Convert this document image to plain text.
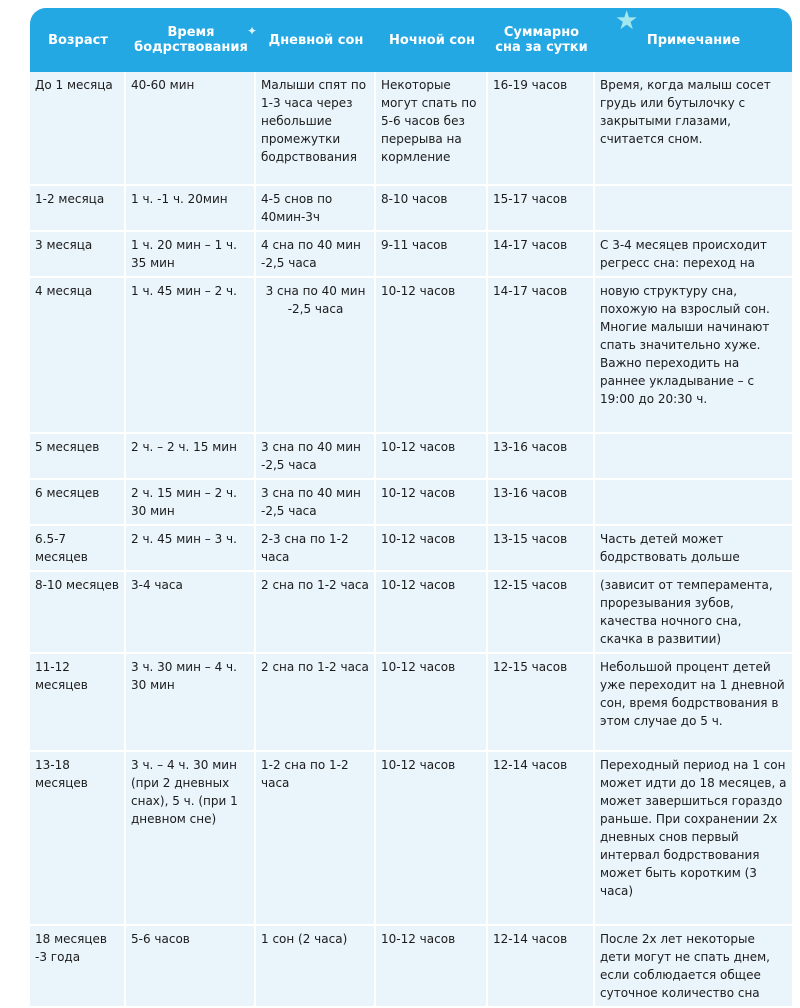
Возраст	Время бодрствования	Дневной сон	Ночной сон	Суммарно сна за сутки	Примечание
До 1 месяца	40-60 мин	Малыши спят по 1-3 часа через небольшие промежутки бодрствования	Некоторые могут спать по 5-6 часов без перерыва на кормление	16-19 часов	Время, когда малыш сосет грудь или бутылочку с закрытыми глазами, считается сном.
1-2 месяца	1 ч. -1 ч. 20мин	4-5 снов по 40мин-3ч	8-10 часов	15-17 часов	
3 месяца	1 ч. 20 мин – 1 ч. 35 мин	4 сна по 40 мин -2,5 часа	9-11 часов	14-17 часов	С 3-4 месяцев происходит регресс сна: переход на
4 месяца	1 ч. 45 мин – 2 ч.	3 сна по 40 мин -2,5 часа	10-12 часов	14-17 часов	новую структуру сна, похожую на взрослый сон. Многие малыши начинают спать значительно хуже. Важно переходить на раннее укладывание – с 19:00 до 20:30 ч.
5 месяцев	2 ч. – 2 ч. 15 мин	3 сна по 40 мин -2,5 часа	10-12 часов	13-16 часов	
6 месяцев	2 ч. 15 мин – 2 ч. 30 мин	3 сна по 40 мин -2,5 часа	10-12 часов	13-16 часов	
6.5-7 месяцев	2 ч. 45 мин – 3 ч.	2-3 сна по 1-2 часа	10-12 часов	13-15 часов	Часть детей может бодрствовать дольше
8-10 месяцев	3-4 часа	2 сна по 1-2 часа	10-12 часов	12-15 часов	(зависит от темперамента, прорезывания зубов, качества ночного сна, скачка в развитии)
11-12 месяцев	3 ч. 30 мин – 4 ч. 30 мин	2 сна по 1-2 часа	10-12 часов	12-15 часов	Небольшой процент детей уже переходит на 1 дневной сон, время бодрствования в этом случае до 5 ч.
13-18 месяцев	3 ч. – 4 ч. 30 мин (при 2 дневных снах), 5 ч. (при 1 дневном сне)	1-2 сна по 1-2 часа	10-12 часов	12-14 часов	Переходный период на 1 сон может идти до 18 месяцев, а может завершиться гораздо раньше. При сохранении 2х дневных снов первый интервал бодрствования может быть коротким (3 часа)
18 месяцев -3 года	5-6 часов	1 сон (2 часа)	10-12 часов	12-14 часов	После 2х лет некоторые дети могут не спать днем, если соблюдается общее суточное количество сна
★
✦
